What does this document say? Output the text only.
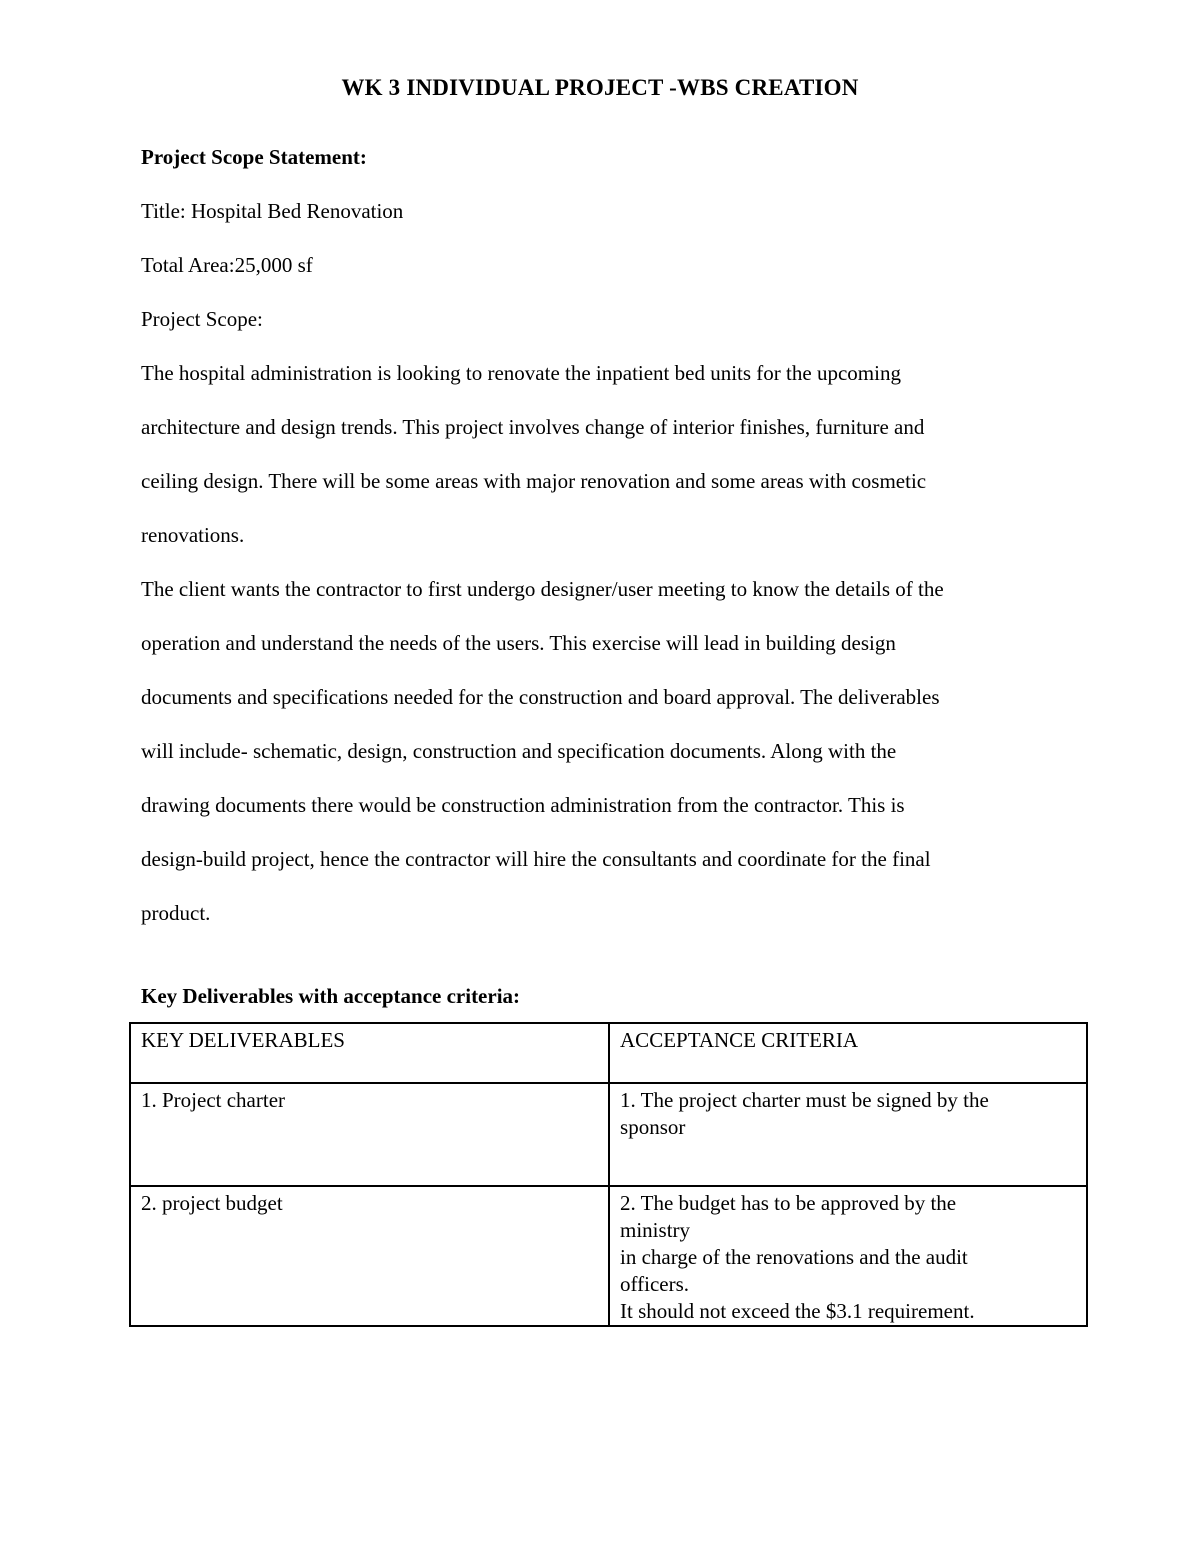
WK 3 INDIVIDUAL PROJECT -WBS CREATION
Project Scope Statement:
Title: Hospital Bed Renovation
Total Area:25,000 sf
Project Scope:
The hospital administration is looking to renovate the inpatient bed units for the upcoming
architecture and design trends. This project involves change of interior finishes, furniture and
ceiling design. There will be some areas with major renovation and some areas with cosmetic
renovations.
The client wants the contractor to first undergo designer/user meeting to know the details of the
operation and understand the needs of the users. This exercise will lead in building design
documents and specifications needed for the construction and board approval. The deliverables
will include- schematic, design, construction and specification documents. Along with the
drawing documents there would be construction administration from the contractor. This is
design-build project, hence the contractor will hire the consultants and coordinate for the final
product.
Key Deliverables with acceptance criteria:
KEY DELIVERABLES	ACCEPTANCE CRITERIA
1. Project charter	1. The project charter must be signed by the
sponsor

2. project budget	2. The budget has to be approved by the
ministry
in charge of the renovations and the audit
officers.
It should not exceed the $3.1 requirement.
